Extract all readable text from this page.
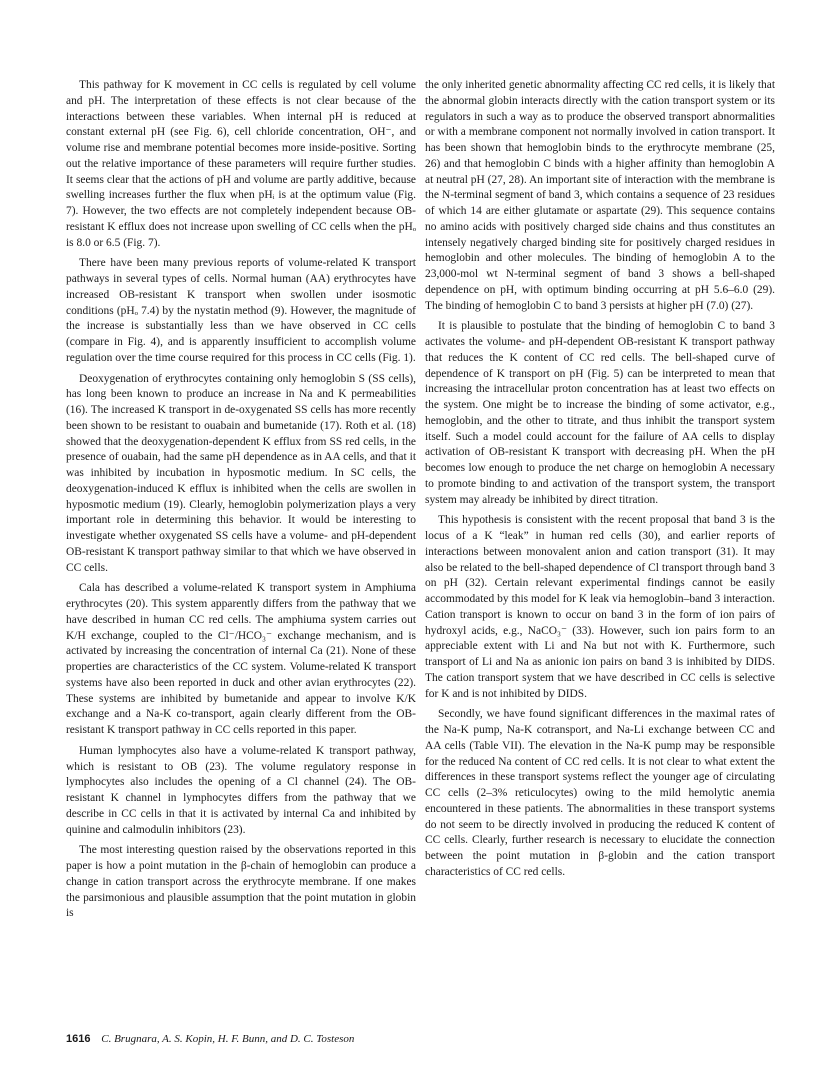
This pathway for K movement in CC cells is regulated by cell volume and pH. The interpretation of these effects is not clear because of the interactions between these variables. When internal pH is reduced at constant external pH (see Fig. 6), cell chloride concentration, OH⁻, and volume rise and membrane potential becomes more inside-positive. Sorting out the relative importance of these parameters will require further studies. It seems clear that the actions of pH and volume are partly additive, because swelling increases further the flux when pHᵢ is at the optimum value (Fig. 7). However, the two effects are not completely independent because OB-resistant K efflux does not increase upon swelling of CC cells when the pHₒ is 8.0 or 6.5 (Fig. 7).

There have been many previous reports of volume-related K transport pathways in several types of cells. Normal human (AA) erythrocytes have increased OB-resistant K transport when swollen under isosmotic conditions (pHₒ 7.4) by the nystatin method (9). However, the magnitude of the increase is substantially less than we have observed in CC cells (compare in Fig. 4), and is apparently insufficient to accomplish volume regulation over the time course required for this process in CC cells (Fig. 1).

Deoxygenation of erythrocytes containing only hemoglobin S (SS cells), has long been known to produce an increase in Na and K permeabilities (16). The increased K transport in de-oxygenated SS cells has more recently been shown to be resistant to ouabain and bumetanide (17). Roth et al. (18) showed that the deoxygenation-dependent K efflux from SS red cells, in the presence of ouabain, had the same pH dependence as in AA cells, and that it was inhibited by incubation in hyposmotic medium. In SC cells, the deoxygenation-induced K efflux is inhibited when the cells are swollen in hyposmotic medium (19). Clearly, hemoglobin polymerization plays a very important role in determining this behavior. It would be interesting to investigate whether oxygenated SS cells have a volume- and pH-dependent OB-resistant K transport pathway similar to that which we have observed in CC cells.

Cala has described a volume-related K transport system in Amphiuma erythrocytes (20). This system apparently differs from the pathway that we have described in human CC red cells. The amphiuma system carries out K/H exchange, coupled to the Cl⁻/HCO₃⁻ exchange mechanism, and is activated by increasing the concentration of internal Ca (21). None of these properties are characteristics of the CC system. Volume-related K transport systems have also been reported in duck and other avian erythrocytes (22). These systems are inhibited by bumetanide and appear to involve K/K exchange and a Na-K co-transport, again clearly different from the OB-resistant K transport pathway in CC cells reported in this paper.

Human lymphocytes also have a volume-related K transport pathway, which is resistant to OB (23). The volume regulatory response in lymphocytes also includes the opening of a Cl channel (24). The OB-resistant K channel in lymphocytes differs from the pathway that we describe in CC cells in that it is activated by internal Ca and inhibited by quinine and calmodulin inhibitors (23).

The most interesting question raised by the observations reported in this paper is how a point mutation in the β-chain of hemoglobin can produce a change in cation transport across the erythrocyte membrane. If one makes the parsimonious and plausible assumption that the point mutation in globin is

the only inherited genetic abnormality affecting CC red cells, it is likely that the abnormal globin interacts directly with the cation transport system or its regulators in such a way as to produce the observed transport abnormalities or with a membrane component not normally involved in cation transport. It has been shown that hemoglobin binds to the erythrocyte membrane (25, 26) and that hemoglobin C binds with a higher affinity than hemoglobin A at neutral pH (27, 28). An important site of interaction with the membrane is the N-terminal segment of band 3, which contains a sequence of 23 residues of which 14 are either glutamate or aspartate (29). This sequence contains no amino acids with positively charged side chains and thus constitutes an intensely negatively charged binding site for positively charged residues in hemoglobin and other molecules. The binding of hemoglobin A to the 23,000-mol wt N-terminal segment of band 3 shows a bell-shaped dependence on pH, with optimum binding occurring at pH 5.6–6.0 (29). The binding of hemoglobin C to band 3 persists at higher pH (7.0) (27).

It is plausible to postulate that the binding of hemoglobin C to band 3 activates the volume- and pH-dependent OB-resistant K transport pathway that reduces the K content of CC red cells. The bell-shaped curve of dependence of K transport on pH (Fig. 5) can be interpreted to mean that increasing the intracellular proton concentration has at least two effects on the system. One might be to increase the binding of some activator, e.g., hemoglobin, and the other to titrate, and thus inhibit the transport system itself. Such a model could account for the failure of AA cells to display activation of OB-resistant K transport with decreasing pH. When the pH becomes low enough to produce the net charge on hemoglobin A necessary to promote binding to and activation of the transport system, the transport system may already be inhibited by direct titration.

This hypothesis is consistent with the recent proposal that band 3 is the locus of a K “leak” in human red cells (30), and earlier reports of interactions between monovalent anion and cation transport (31). It may also be related to the bell-shaped dependence of Cl transport through band 3 on pH (32). Certain relevant experimental findings cannot be easily accommodated by this model for K leak via hemoglobin–band 3 interaction. Cation transport is known to occur on band 3 in the form of ion pairs of hydroxyl acids, e.g., NaCO₃⁻ (33). However, such ion pairs form to an appreciable extent with Li and Na but not with K. Furthermore, such transport of Li and Na as anionic ion pairs on band 3 is inhibited by DIDS. The cation transport system that we have described in CC cells is selective for K and is not inhibited by DIDS.

Secondly, we have found significant differences in the maximal rates of the Na-K pump, Na-K cotransport, and Na-Li exchange between CC and AA cells (Table VII). The elevation in the Na-K pump may be responsible for the reduced Na content of CC red cells. It is not clear to what extent the differences in these transport systems reflect the younger age of circulating CC cells (2–3% reticulocytes) owing to the mild hemolytic anemia encountered in these patients. The abnormalities in these transport systems do not seem to be directly involved in producing the reduced K content of CC cells. Clearly, further research is necessary to elucidate the connection between the point mutation in β-globin and the cation transport characteristics of CC red cells.

1616 C. Brugnara, A. S. Kopin, H. F. Bunn, and D. C. Tosteson
